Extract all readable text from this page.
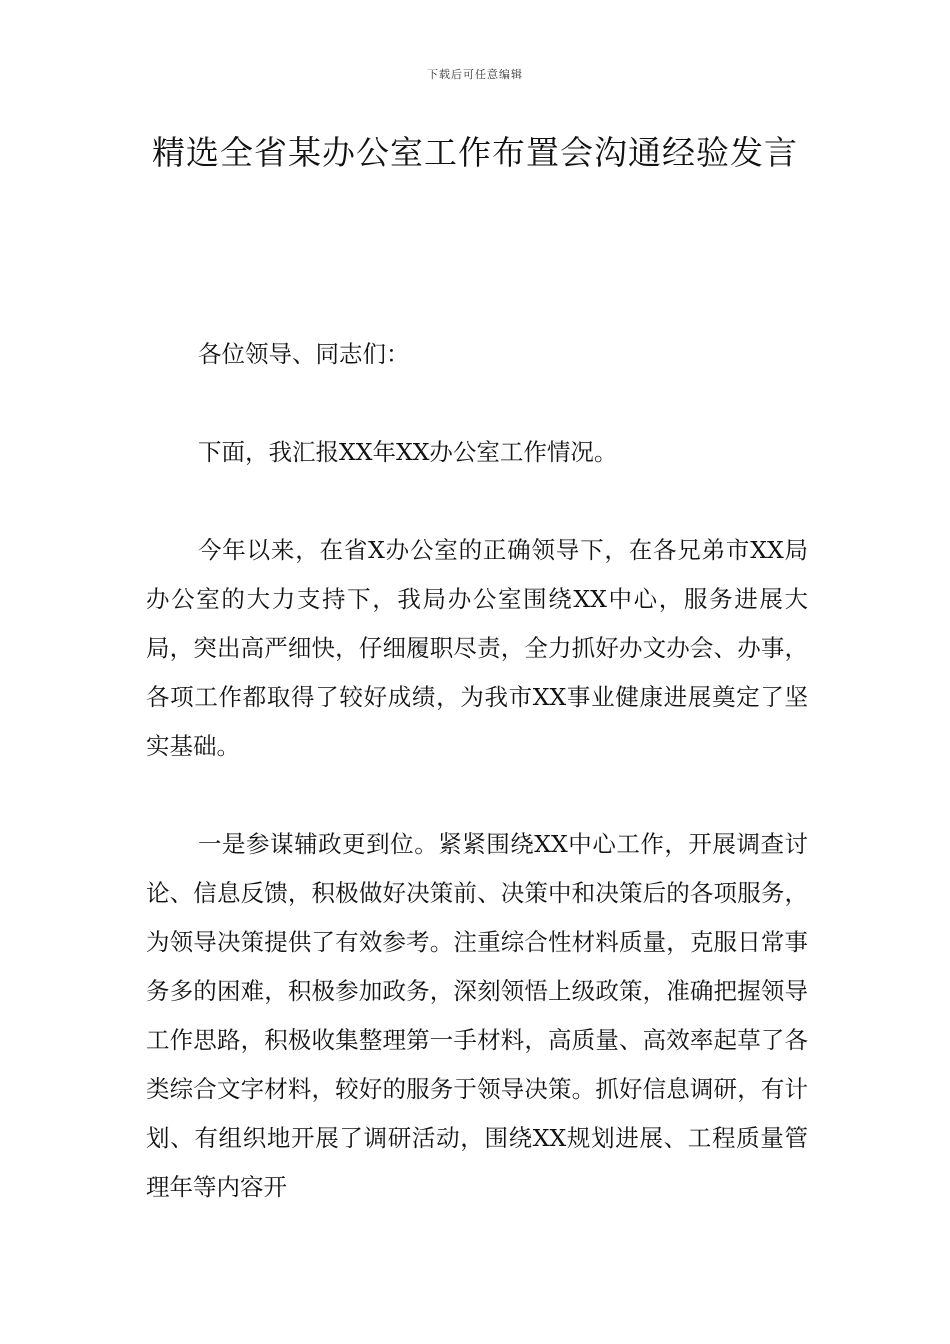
下载后可任意编辑
精选全省某办公室工作布置会沟通经验发言

各位领导、同志们：

下面，我汇报XX年XX办公室工作情况。

今年以来，在省X办公室的正确领导下，在各兄弟市XX局办公室的大力支持下，我局办公室围绕XX中心，服务进展大局，突出高严细快，仔细履职尽责，全力抓好办文办会、办事，各项工作都取得了较好成绩，为我市XX事业健康进展奠定了坚实基础。

一是参谋辅政更到位。紧紧围绕XX中心工作，开展调查讨论、信息反馈，积极做好决策前、决策中和决策后的各项服务，为领导决策提供了有效参考。注重综合性材料质量，克服日常事务多的困难，积极参加政务，深刻领悟上级政策，准确把握领导工作思路，积极收集整理第一手材料，高质量、高效率起草了各类综合文字材料，较好的服务于领导决策。抓好信息调研，有计划、有组织地开展了调研活动，围绕XX规划进展、工程质量管理年等内容开
